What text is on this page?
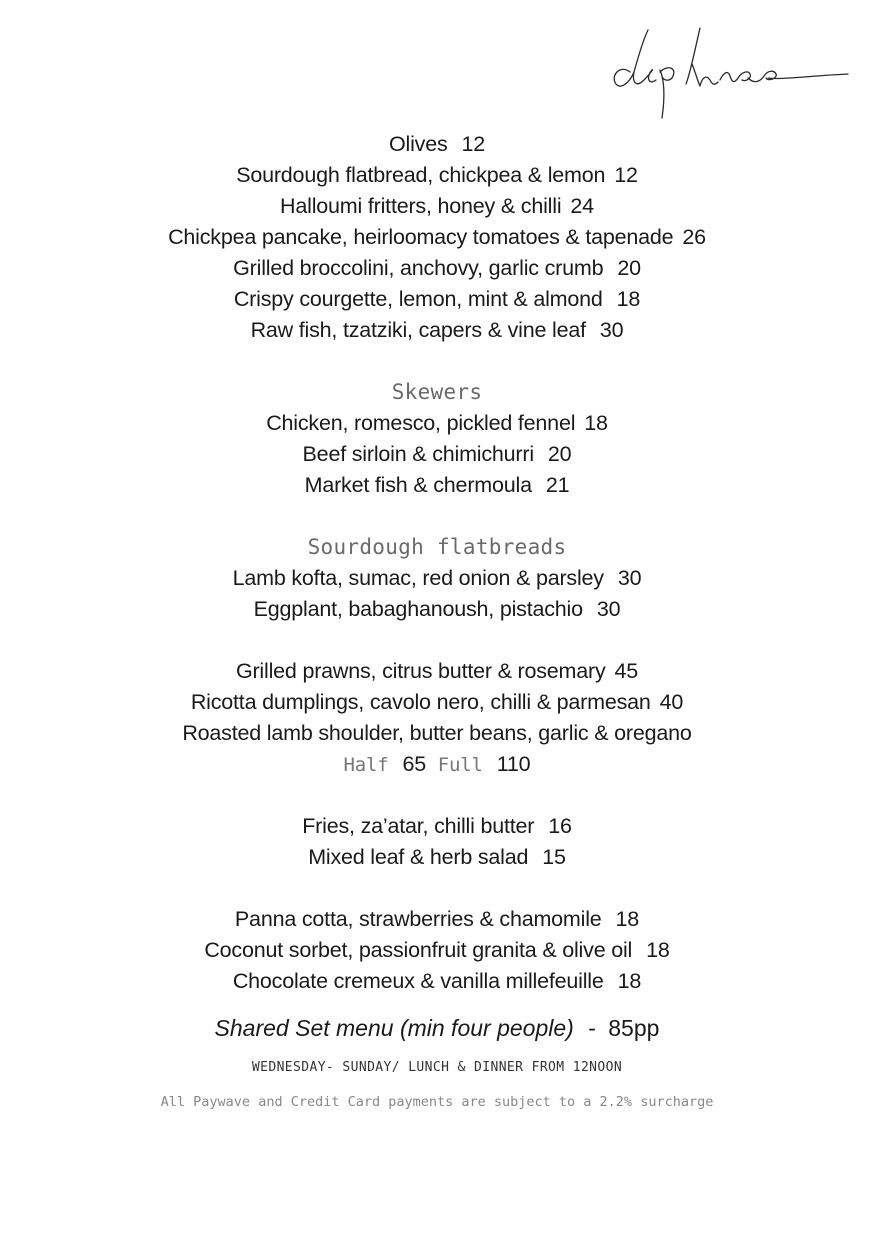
Olives 12
Sourdough flatbread, chickpea & lemon 12
Halloumi fritters, honey & chilli 24
Chickpea pancake, heirloomacy tomatoes & tapenade 26
Grilled broccolini, anchovy, garlic crumb 20
Crispy courgette, lemon, mint & almond 18
Raw fish, tzatziki, capers & vine leaf 30
Skewers
Chicken, romesco, pickled fennel 18
Beef sirloin & chimichurri 20
Market fish & chermoula 21
Sourdough flatbreads
Lamb kofta, sumac, red onion & parsley 30
Eggplant, babaghanoush, pistachio 30
Grilled prawns, citrus butter & rosemary 45
Ricotta dumplings, cavolo nero, chilli & parmesan 40
Roasted lamb shoulder, butter beans, garlic & oregano
Half 65 Full 110
Fries, za’atar, chilli butter 16
Mixed leaf & herb salad 15
Panna cotta, strawberries & chamomile 18
Coconut sorbet, passionfruit granita & olive oil 18
Chocolate cremeux & vanilla millefeuille 18
Shared Set menu (min four people) - 85pp
WEDNESDAY- SUNDAY/ LUNCH & DINNER FROM 12NOON
All Paywave and Credit Card payments are subject to a 2.2% surcharge
